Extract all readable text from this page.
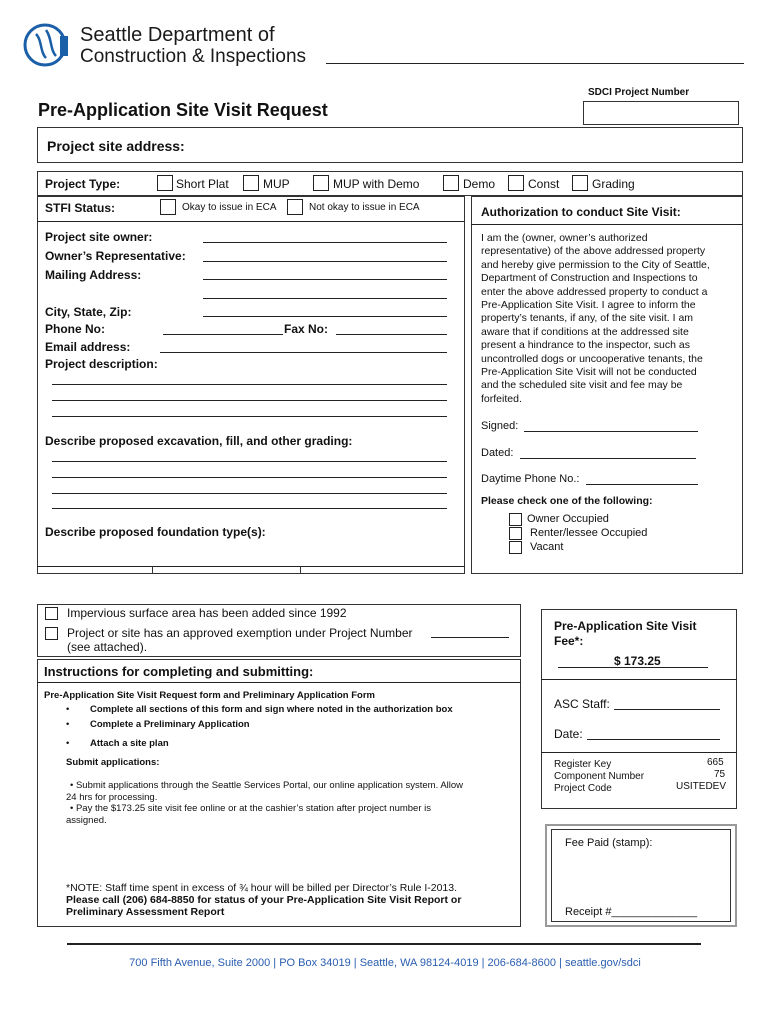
Seattle Department of
Construction & Inspections
SDCI Project Number
Pre-Application Site Visit Request
Project site address:
Project Type:	Short Plat	MUP	MUP with Demo	Demo	Const	Grading
STFI Status:	Okay to issue in ECA	Not okay to issue in ECA
Project site owner:
Owner’s Representative:
Mailing Address:
City, State, Zip:
Phone No:	Fax No:
Email address:
Project description:
Describe proposed excavation, fill, and other grading:
Describe proposed foundation type(s):
Authorization to conduct Site Visit:
I am the (owner, owner’s authorized
representative) of the above addressed property
and hereby give permission to the City of Seattle,
Department of Construction and Inspections to
enter the above addressed property to conduct a
Pre-Application Site Visit. I agree to inform the
property’s tenants, if any, of the site visit. I am
aware that if conditions at the addressed site
present a hindrance to the inspector, such as
uncontrolled dogs or uncooperative tenants, the
Pre-Application Site Visit will not be conducted
and the scheduled site visit and fee may be
forfeited.
Signed:
Dated:
Daytime Phone No.:
Please check one of the following:
Owner Occupied
Renter/lessee Occupied
Vacant
Impervious surface area has been added since 1992
Project or site has an approved exemption under Project Number
(see attached).
Instructions for completing and submitting:
Pre-Application Site Visit Request form and Preliminary Application Form
• Complete all sections of this form and sign where noted in the authorization box
• Complete a Preliminary Application
• Attach a site plan
Submit applications:
• Submit applications through the Seattle Services Portal, our online application system. Allow
24 hrs for processing.
• Pay the $173.25 site visit fee online or at the cashier’s station after project number is
assigned.
*NOTE: Staff time spent in excess of ¾ hour will be billed per Director’s Rule I-2013.
Please call (206) 684-8850 for status of your Pre-Application Site Visit Report or
Preliminary Assessment Report
Pre-Application Site Visit
Fee*:
$ 173.25
ASC Staff:
Date:
Register Key	665
Component Number	75
Project Code	USITEDEV
Fee Paid (stamp):
Receipt #______________
700 Fifth Avenue, Suite 2000 | PO Box 34019 | Seattle, WA 98124-4019 | 206-684-8600 | seattle.gov/sdci
